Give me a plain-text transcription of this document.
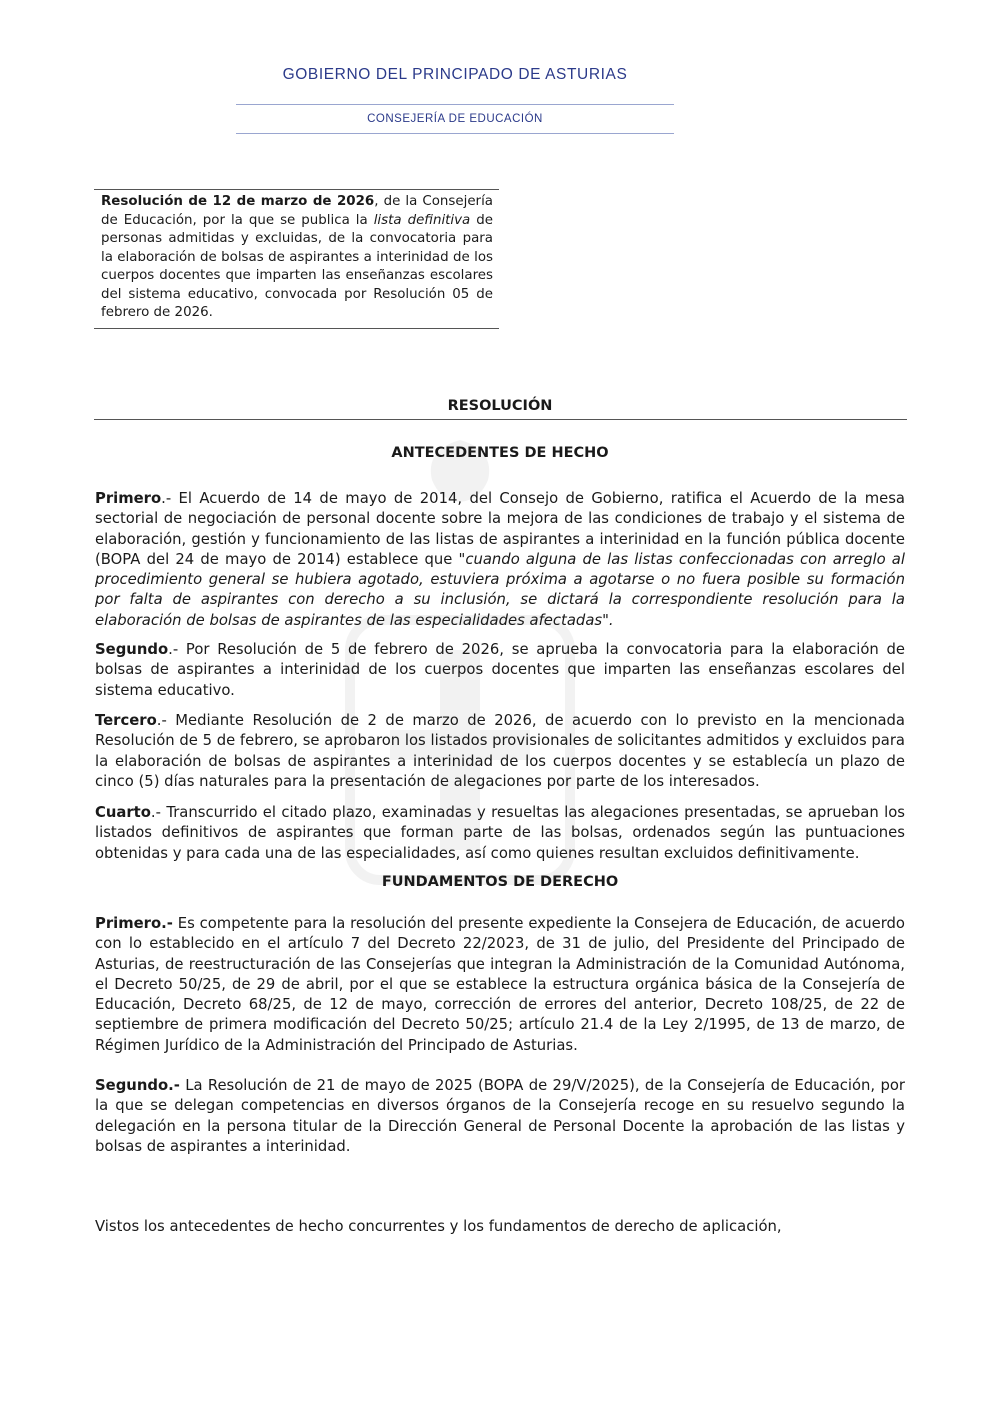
GOBIERNO DEL PRINCIPADO DE ASTURIAS
CONSEJERÍA DE EDUCACIÓN
Resolución de 12 de marzo de 2026, de la Consejería de Educación, por la que se publica la lista definitiva de personas admitidas y excluidas, de la convocatoria para la elaboración de bolsas de aspirantes a interinidad de los cuerpos docentes que imparten las enseñanzas escolares del sistema educativo, convocada por Resolución 05 de febrero de 2026.
RESOLUCIÓN
ANTECEDENTES DE HECHO
Primero.- El Acuerdo de 14 de mayo de 2014, del Consejo de Gobierno, ratifica el Acuerdo de la mesa sectorial de negociación de personal docente sobre la mejora de las condiciones de trabajo y el sistema de elaboración, gestión y funcionamiento de las listas de aspirantes a interinidad en la función pública docente (BOPA del 24 de mayo de 2014) establece que "cuando alguna de las listas confeccionadas con arreglo al procedimiento general se hubiera agotado, estuviera próxima a agotarse o no fuera posible su formación por falta de aspirantes con derecho a su inclusión, se dictará la correspondiente resolución para la elaboración de bolsas de aspirantes de las especialidades afectadas".
Segundo.- Por Resolución de 5 de febrero de 2026, se aprueba la convocatoria para la elaboración de bolsas de aspirantes a interinidad de los cuerpos docentes que imparten las enseñanzas escolares del sistema educativo.
Tercero.- Mediante Resolución de 2 de marzo de 2026, de acuerdo con lo previsto en la mencionada Resolución de 5 de febrero, se aprobaron los listados provisionales de solicitantes admitidos y excluidos para la elaboración de bolsas de aspirantes a interinidad de los cuerpos docentes y se establecía un plazo de cinco (5) días naturales para la presentación de alegaciones por parte de los interesados.
Cuarto.- Transcurrido el citado plazo, examinadas y resueltas las alegaciones presentadas, se aprueban los listados definitivos de aspirantes que forman parte de las bolsas, ordenados según las puntuaciones obtenidas y para cada una de las especialidades, así como quienes resultan excluidos definitivamente.
FUNDAMENTOS DE DERECHO
Primero.- Es competente para la resolución del presente expediente la Consejera de Educación, de acuerdo con lo establecido en el artículo 7 del Decreto 22/2023, de 31 de julio, del Presidente del Principado de Asturias, de reestructuración de las Consejerías que integran la Administración de la Comunidad Autónoma, el Decreto 50/25, de 29 de abril, por el que se establece la estructura orgánica básica de la Consejería de Educación, Decreto 68/25, de 12 de mayo, corrección de errores del anterior, Decreto 108/25, de 22 de septiembre de primera modificación del Decreto 50/25; artículo 21.4 de la Ley 2/1995, de 13 de marzo, de Régimen Jurídico de la Administración del Principado de Asturias.
Segundo.- La Resolución de 21 de mayo de 2025 (BOPA de 29/V/2025), de la Consejería de Educación, por la que se delegan competencias en diversos órganos de la Consejería recoge en su resuelvo segundo la delegación en la persona titular de la Dirección General de Personal Docente la aprobación de las listas y bolsas de aspirantes a interinidad.
Vistos los antecedentes de hecho concurrentes y los fundamentos de derecho de aplicación,
